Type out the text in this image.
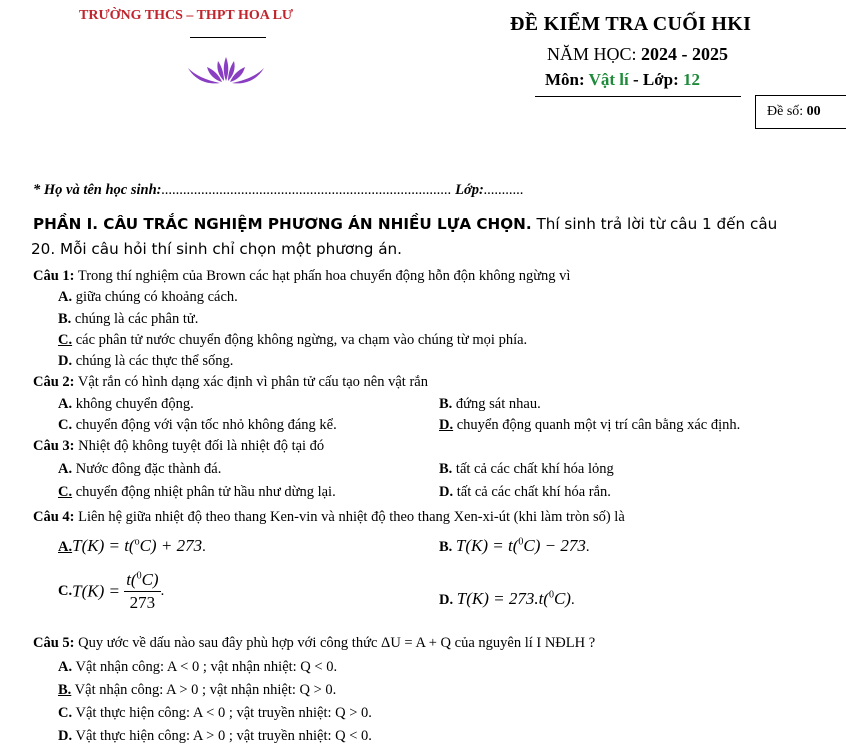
TRƯỜNG THCS – THPT HOA LƯ	ĐỀ KIỂM TRA CUỐI HKI
NĂM HỌC: 2024 - 2025
Môn: Vật lí - Lớp: 12
Đề số: 00
* Họ và tên học sinh:................................................................................ Lớp:...........
PHẦN I. CÂU TRẮC NGHIỆM PHƯƠNG ÁN NHIỀU LỰA CHỌN. Thí sinh trả lời từ câu 1 đến câu
20. Mỗi câu hỏi thí sinh chỉ chọn một phương án.
Câu 1: Trong thí nghiệm của Brown các hạt phấn hoa chuyển động hỗn độn không ngừng vì
A. giữa chúng có khoảng cách.
B. chúng là các phân tử.
C. các phân tử nước chuyển động không ngừng, va chạm vào chúng từ mọi phía.
D. chúng là các thực thể sống.
Câu 2: Vật rắn có hình dạng xác định vì phân tử cấu tạo nên vật rắn
A. không chuyển động.	B. đứng sát nhau.
C. chuyển động với vận tốc nhỏ không đáng kể.	D. chuyển động quanh một vị trí cân bằng xác định.
Câu 3: Nhiệt độ không tuyệt đối là nhiệt độ tại đó
A. Nước đông đặc thành đá.	B. tất cả các chất khí hóa lỏng
C. chuyển động nhiệt phân tử hầu như dừng lại.	D. tất cả các chất khí hóa rắn.
Câu 4: Liên hệ giữa nhiệt độ theo thang Ken-vin và nhiệt độ theo thang Xen-xi-út (khi làm tròn số) là
A.T(K) = t($^o$C) + 273.	B. T(K) = t($^0$C) − 273.
$C.T(K) = \frac{t(^0C)}{273}$ .
D. T(K) = 273.t($^0$C).
Câu 5: Quy ước về dấu nào sau đây phù hợp với công thức ΔU = A + Q của nguyên lí I NĐLH ?
A. Vật nhận công: A < 0 ; vật nhận nhiệt: Q < 0.
B. Vật nhận công: A > 0 ; vật nhận nhiệt: Q > 0.
C. Vật thực hiện công: A < 0 ; vật truyền nhiệt: Q > 0.
D. Vật thực hiện công: A > 0 ; vật truyền nhiệt: Q < 0.
